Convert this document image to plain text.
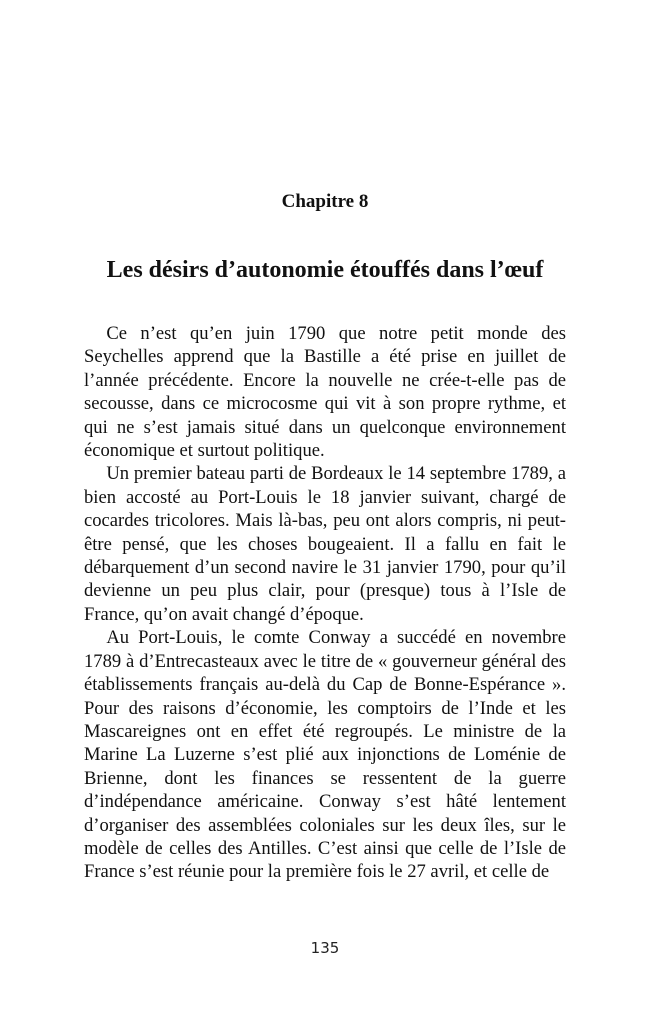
Chapitre 8
Les désirs d’autonomie étouffés dans l’œuf

Ce n’est qu’en juin 1790 que notre petit monde des Seychelles apprend que la Bastille a été prise en juillet de l’année précédente. Encore la nouvelle ne crée-t-elle pas de secousse, dans ce microcosme qui vit à son propre rythme, et qui ne s’est jamais situé dans un quelconque environnement économique et surtout politique.

Un premier bateau parti de Bordeaux le 14 septembre 1789, a bien accosté au Port-Louis le 18 janvier suivant, chargé de cocardes tricolores. Mais là-bas, peu ont alors compris, ni peut-être pensé, que les choses bougeaient. Il a fallu en fait le débarquement d’un second navire le 31 janvier 1790, pour qu’il devienne un peu plus clair, pour (presque) tous à l’Isle de France, qu’on avait changé d’époque.

Au Port-Louis, le comte Conway a succédé en novembre 1789 à d’Entrecasteaux avec le titre de « gouverneur général des établissements français au-delà du Cap de Bonne-Espérance ». Pour des raisons d’économie, les comptoirs de l’Inde et les Mascareignes ont en effet été regroupés. Le ministre de la Marine La Luzerne s’est plié aux injonctions de Loménie de Brienne, dont les finances se ressentent de la guerre d’indépendance américaine. Conway s’est hâté lentement d’organiser des assemblées coloniales sur les deux îles, sur le modèle de celles des Antilles. C’est ainsi que celle de l’Isle de France s’est réunie pour la première fois le 27 avril, et celle de

135
